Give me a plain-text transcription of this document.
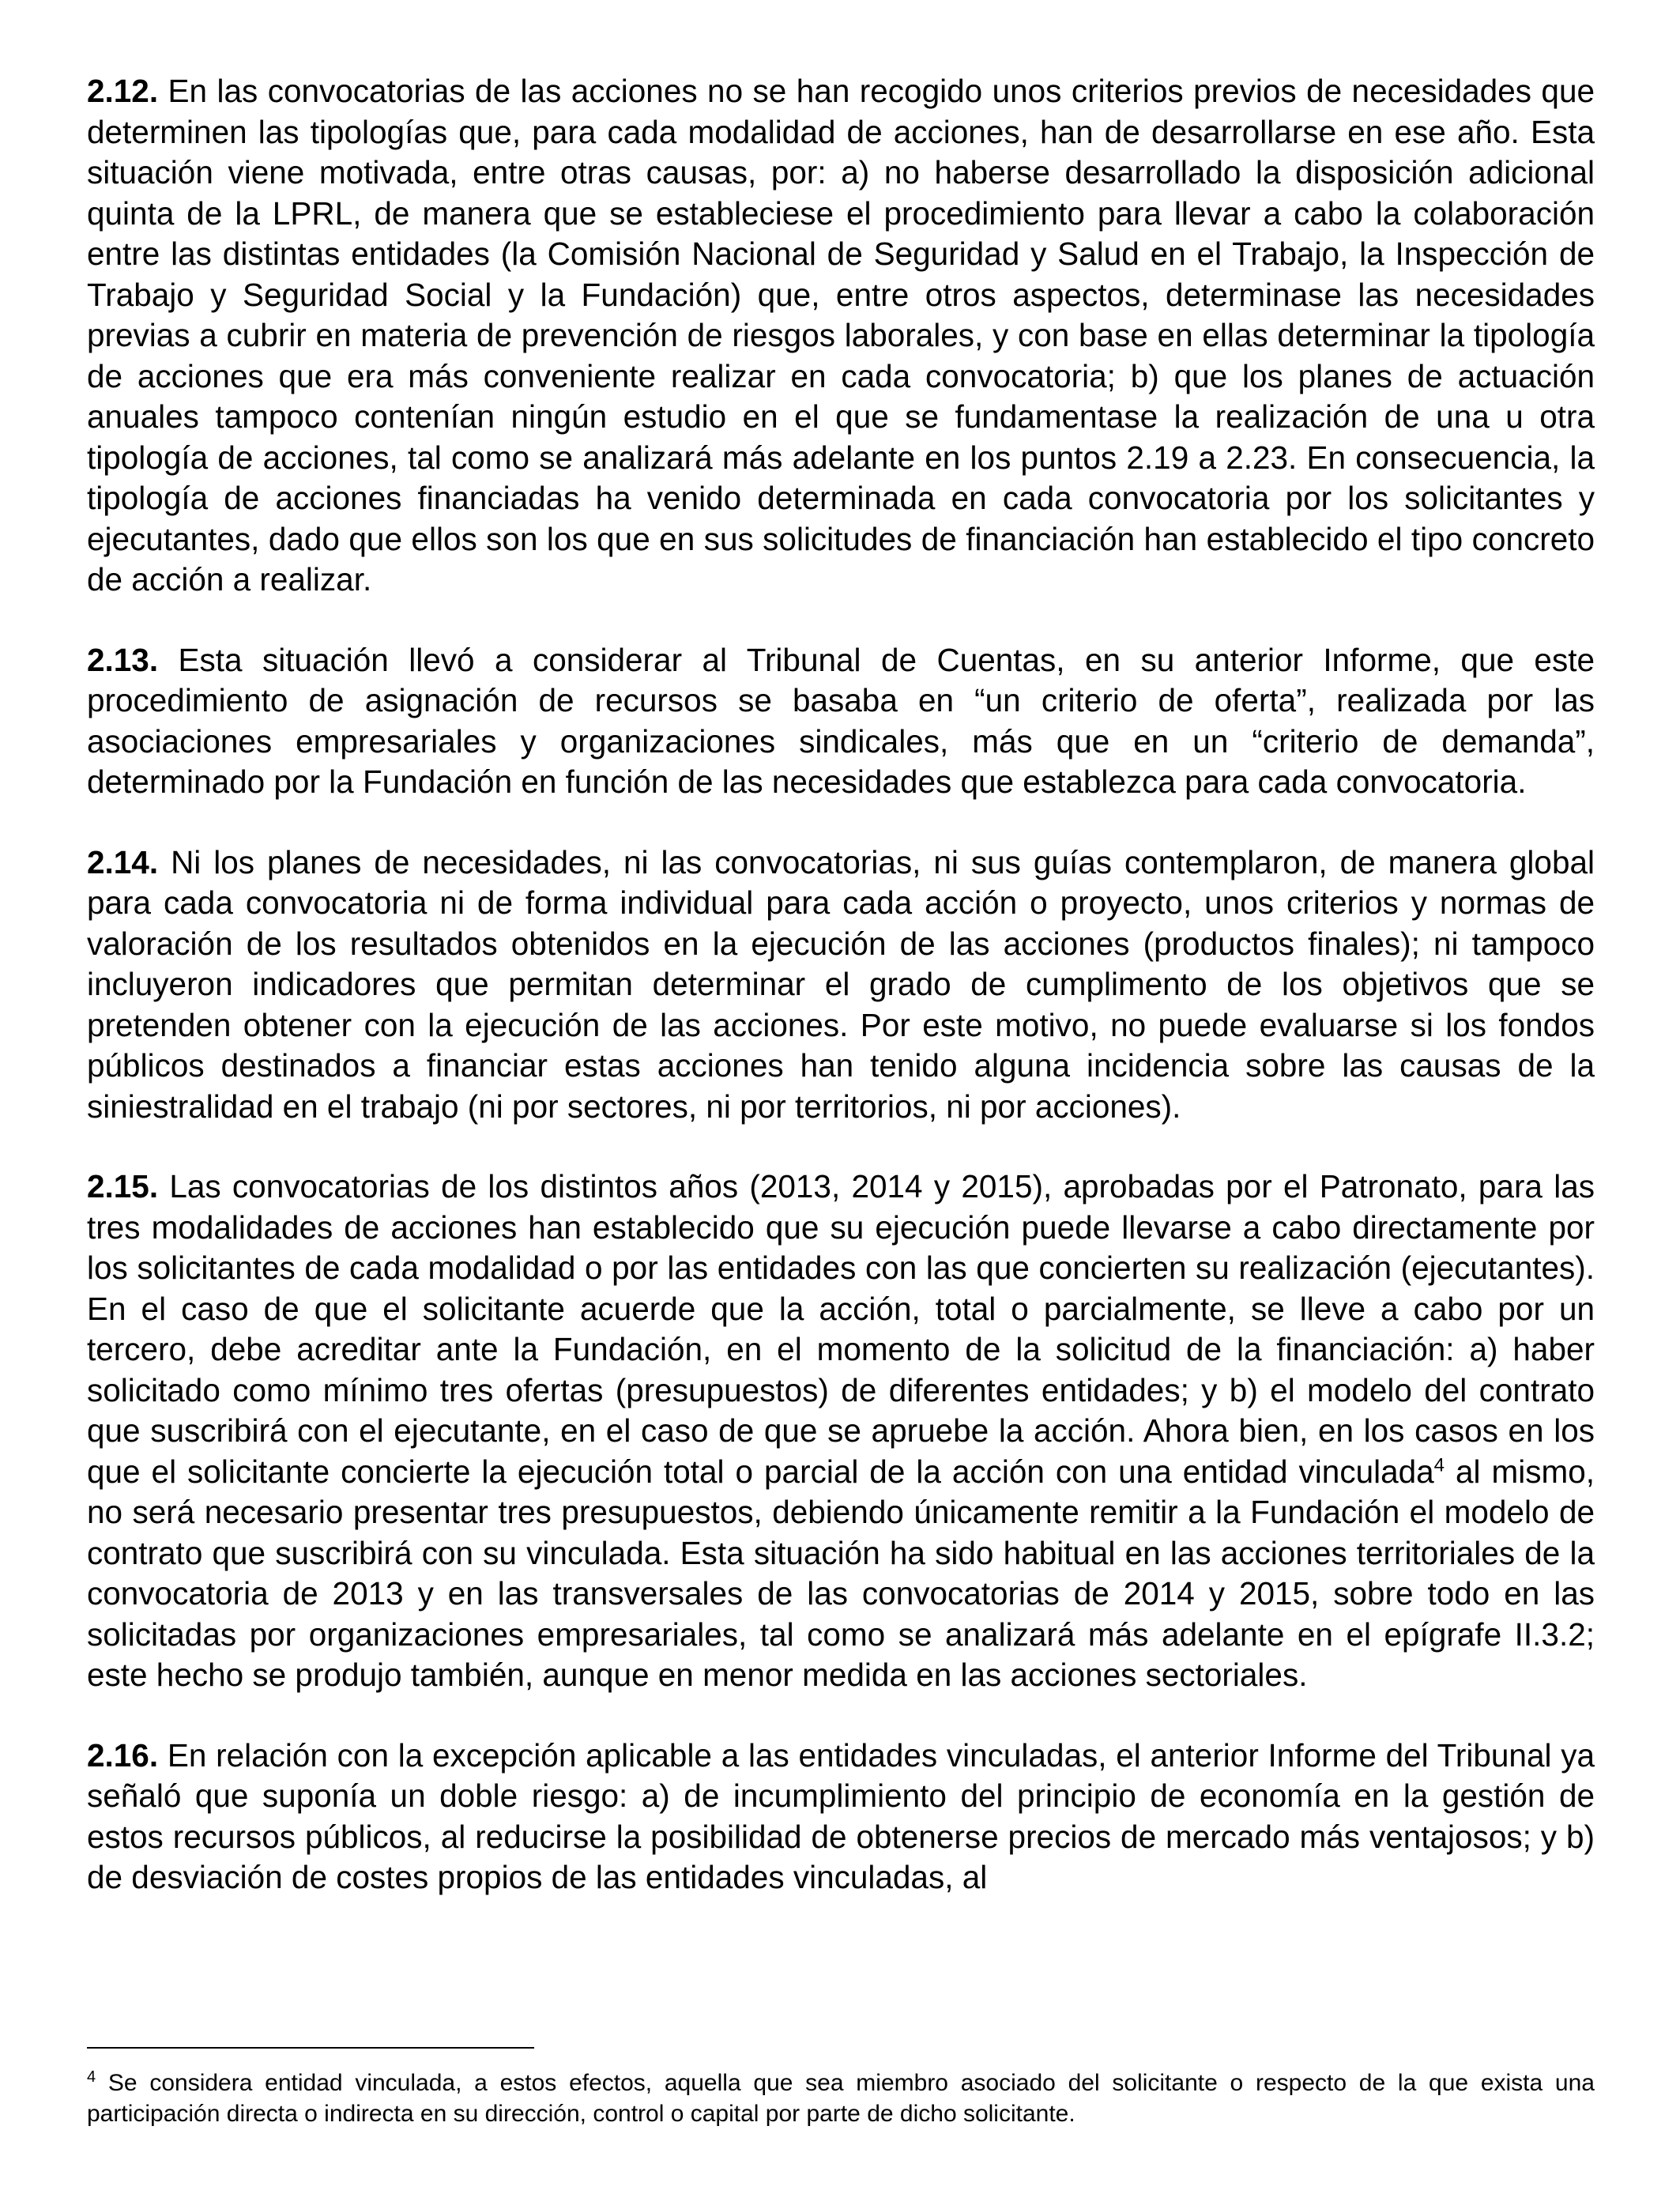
2.12. En las convocatorias de las acciones no se han recogido unos criterios previos de necesidades que determinen las tipologías que, para cada modalidad de acciones, han de desarrollarse en ese año. Esta situación viene motivada, entre otras causas, por: a) no haberse desarrollado la disposición adicional quinta de la LPRL, de manera que se estableciese el procedimiento para llevar a cabo la colaboración entre las distintas entidades (la Comisión Nacional de Seguridad y Salud en el Trabajo, la Inspección de Trabajo y Seguridad Social y la Fundación) que, entre otros aspectos, determinase las necesidades previas a cubrir en materia de prevención de riesgos laborales, y con base en ellas determinar la tipología de acciones que era más conveniente realizar en cada convocatoria; b) que los planes de actuación anuales tampoco contenían ningún estudio en el que se fundamentase la realización de una u otra tipología de acciones, tal como se analizará más adelante en los puntos 2.19 a 2.23. En consecuencia, la tipología de acciones financiadas ha venido determinada en cada convocatoria por los solicitantes y ejecutantes, dado que ellos son los que en sus solicitudes de financiación han establecido el tipo concreto de acción a realizar.

2.13. Esta situación llevó a considerar al Tribunal de Cuentas, en su anterior Informe, que este procedimiento de asignación de recursos se basaba en “un criterio de oferta”, realizada por las asociaciones empresariales y organizaciones sindicales, más que en un “criterio de demanda”, determinado por la Fundación en función de las necesidades que establezca para cada convocatoria.

2.14. Ni los planes de necesidades, ni las convocatorias, ni sus guías contemplaron, de manera global para cada convocatoria ni de forma individual para cada acción o proyecto, unos criterios y normas de valoración de los resultados obtenidos en la ejecución de las acciones (productos finales); ni tampoco incluyeron indicadores que permitan determinar el grado de cumplimento de los objetivos que se pretenden obtener con la ejecución de las acciones. Por este motivo, no puede evaluarse si los fondos públicos destinados a financiar estas acciones han tenido alguna incidencia sobre las causas de la siniestralidad en el trabajo (ni por sectores, ni por territorios, ni por acciones).

2.15. Las convocatorias de los distintos años (2013, 2014 y 2015), aprobadas por el Patronato, para las tres modalidades de acciones han establecido que su ejecución puede llevarse a cabo directamente por los solicitantes de cada modalidad o por las entidades con las que concierten su realización (ejecutantes). En el caso de que el solicitante acuerde que la acción, total o parcialmente, se lleve a cabo por un tercero, debe acreditar ante la Fundación, en el momento de la solicitud de la financiación: a) haber solicitado como mínimo tres ofertas (presupuestos) de diferentes entidades; y b) el modelo del contrato que suscribirá con el ejecutante, en el caso de que se apruebe la acción. Ahora bien, en los casos en los que el solicitante concierte la ejecución total o parcial de la acción con una entidad vinculada$^4$ al mismo, no será necesario presentar tres presupuestos, debiendo únicamente remitir a la Fundación el modelo de contrato que suscribirá con su vinculada. Esta situación ha sido habitual en las acciones territoriales de la convocatoria de 2013 y en las transversales de las convocatorias de 2014 y 2015, sobre todo en las solicitadas por organizaciones empresariales, tal como se analizará más adelante en el epígrafe II.3.2; este hecho se produjo también, aunque en menor medida en las acciones sectoriales.

2.16. En relación con la excepción aplicable a las entidades vinculadas, el anterior Informe del Tribunal ya señaló que suponía un doble riesgo: a) de incumplimiento del principio de economía en la gestión de estos recursos públicos, al reducirse la posibilidad de obtenerse precios de mercado más ventajosos; y b) de desviación de costes propios de las entidades vinculadas, al

$^4$ Se considera entidad vinculada, a estos efectos, aquella que sea miembro asociado del solicitante o respecto de la que exista una participación directa o indirecta en su dirección, control o capital por parte de dicho solicitante.
